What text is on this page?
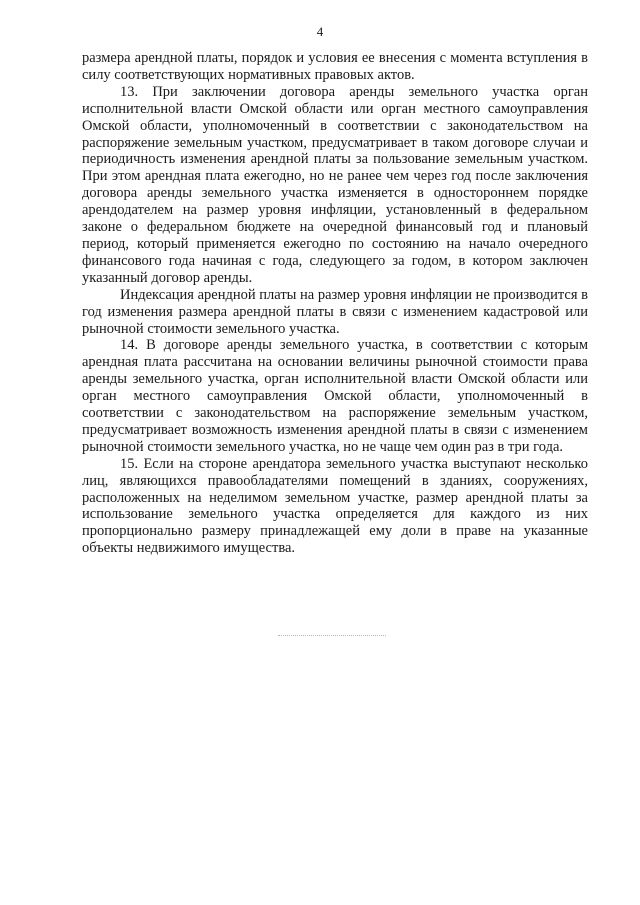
4

размера арендной платы, порядок и условия ее внесения с момента вступления в силу соответствующих нормативных правовых актов.

13. При заключении договора аренды земельного участка орган исполнительной власти Омской области или орган местного самоуправления Омской области, уполномоченный в соответствии с законодательством на распоряжение земельным участком, предусматривает в таком договоре случаи и периодичность изменения арендной платы за пользование земельным участком. При этом арендная плата ежегодно, но не ранее чем через год после заключения договора аренды земельного участка изменяется в одностороннем порядке арендодателем на размер уровня инфляции, установленный в федеральном законе о федеральном бюджете на очередной финансовый год и плановый период, который применяется ежегодно по состоянию на начало очередного финансового года начиная с года, следующего за годом, в котором заключен указанный договор аренды.

Индексация арендной платы на размер уровня инфляции не производится в год изменения размера арендной платы в связи с изменением кадастровой или рыночной стоимости земельного участка.

14. В договоре аренды земельного участка, в соответствии с которым арендная плата рассчитана на основании величины рыночной стоимости права аренды земельного участка, орган исполнительной власти Омской области или орган местного самоуправления Омской области, уполномоченный в соответствии с законодательством на распоряжение земельным участком, предусматривает возможность изменения арендной платы в связи с изменением рыночной стоимости земельного участка, но не чаще чем один раз в три года.

15. Если на стороне арендатора земельного участка выступают несколько лиц, являющихся правообладателями помещений в зданиях, сооружениях, расположенных на неделимом земельном участке, размер арендной платы за использование земельного участка определяется для каждого из них пропорционально размеру принадлежащей ему доли в праве на указанные объекты недвижимого имущества.
